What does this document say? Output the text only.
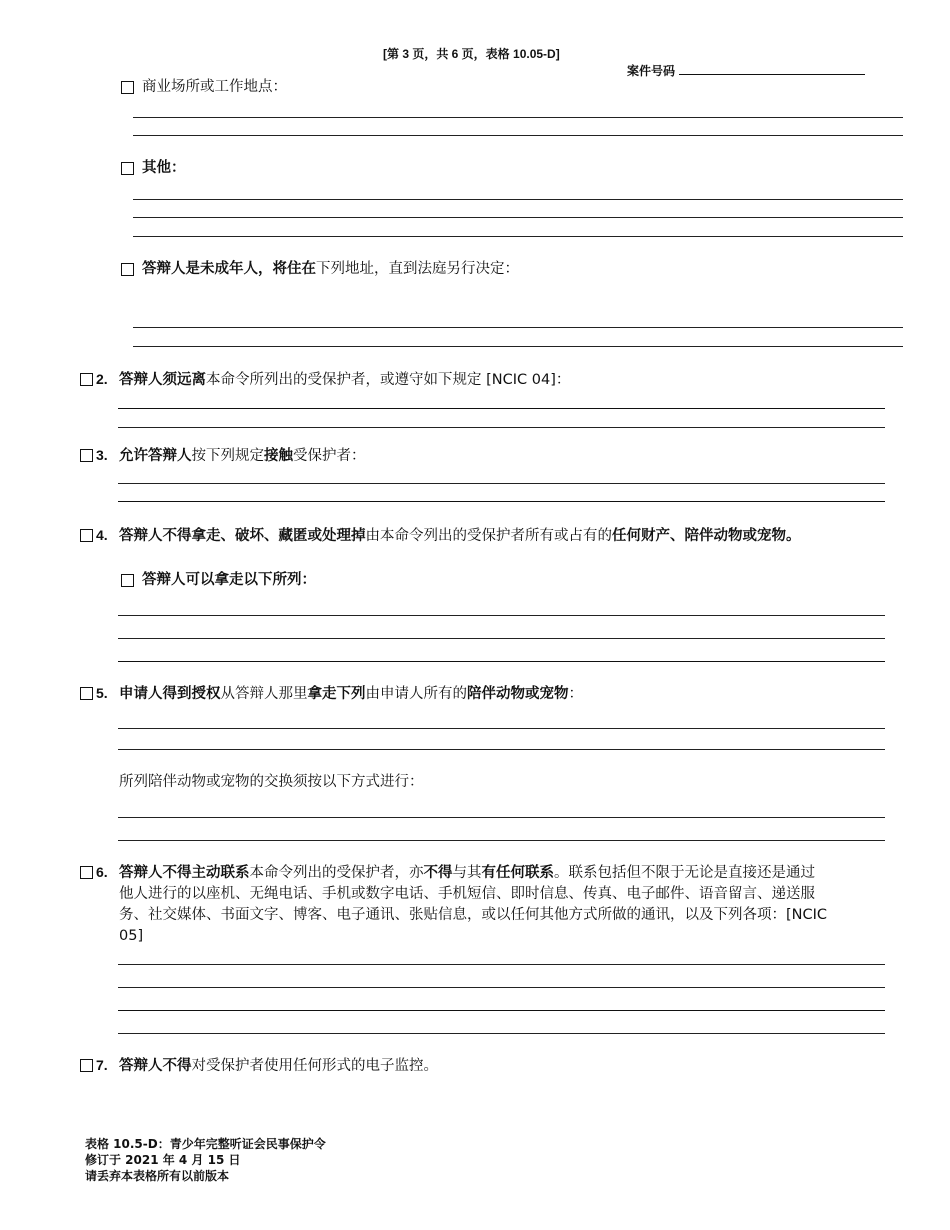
[第 3 页，共 6 页，表格 10.05-D]
案件号码
商业场所或工作地点：
其他：
答辩人是未成年人，将住在下列地址，直到法庭另行决定：
2. 答辩人须远离本命令所列出的受保护者，或遵守如下规定 [NCIC 04]：
3. 允许答辩人按下列规定接触受保护者：
4. 答辩人不得拿走、破坏、藏匿或处理掉由本命令列出的受保护者所有或占有的任何财产、陪伴动物或宠物。
答辩人可以拿走以下所列：
5. 申请人得到授权从答辩人那里拿走下列由申请人所有的陪伴动物或宠物：
所列陪伴动物或宠物的交换须按以下方式进行：
6. 答辩人不得主动联系本命令列出的受保护者，亦不得与其有任何联系。联系包括但不限于无论是直接还是通过
他人进行的以座机、无绳电话、手机或数字电话、手机短信、即时信息、传真、电子邮件、语音留言、递送服
务、社交媒体、书面文字、博客、电子通讯、张贴信息，或以任何其他方式所做的通讯，以及下列各项：[NCIC
05]
7. 答辩人不得对受保护者使用任何形式的电子监控。
表格 10.5-D：青少年完整听证会民事保护令
修订于 2021 年 4 月 15 日
请丢弃本表格所有以前版本
